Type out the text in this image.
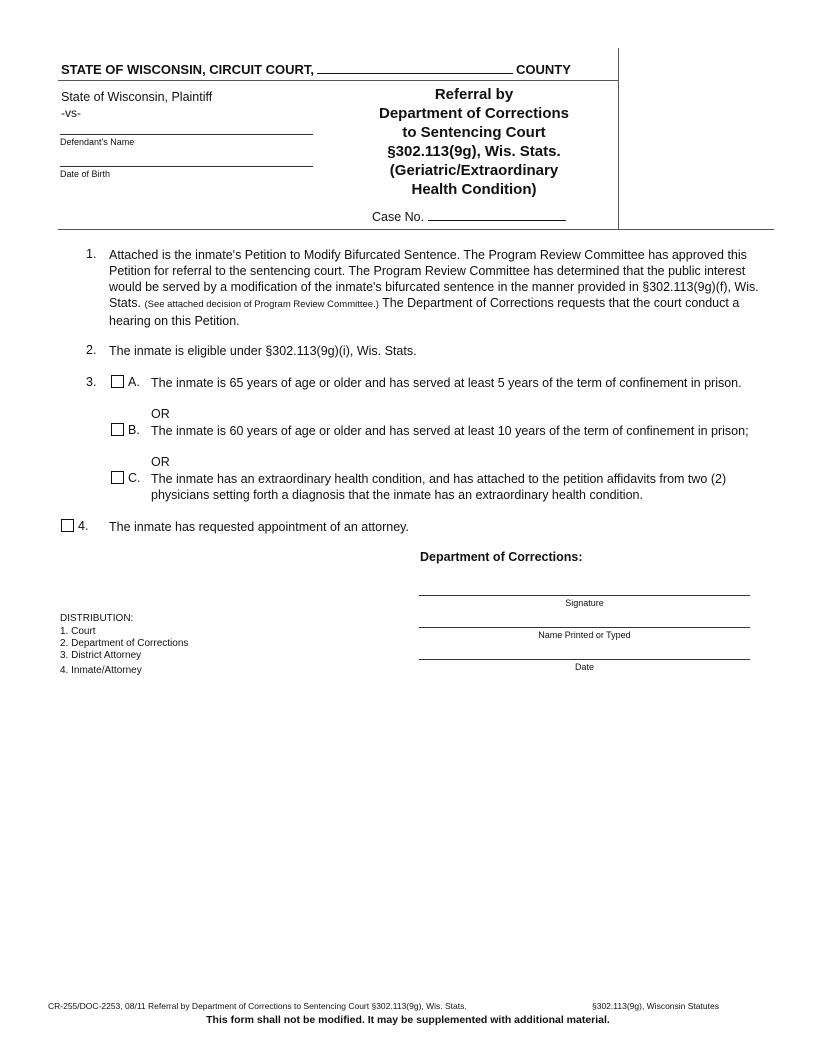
STATE OF WISCONSIN, CIRCUIT COURT,	COUNTY
State of Wisconsin, Plaintiff
-vs-
Defendant's Name
Date of Birth
Referral by
Department of Corrections
to Sentencing Court
§302.113(9g), Wis. Stats.
(Geriatric/Extraordinary
Health Condition)
Case No.
1. Attached is the inmate's Petition to Modify Bifurcated Sentence. The Program Review Committee has approved this Petition for referral to the sentencing court. The Program Review Committee has determined that the public interest would be served by a modification of the inmate's bifurcated sentence in the manner provided in §302.113(9g)(f), Wis. Stats. (See attached decision of Program Review Committee.) The Department of Corrections requests that the court conduct a hearing on this Petition.
2. The inmate is eligible under §302.113(9g)(i), Wis. Stats.
3.	A. The inmate is 65 years of age or older and has served at least 5 years of the term of confinement in prison.
OR
B. The inmate is 60 years of age or older and has served at least 10 years of the term of confinement in prison;
OR
C. The inmate has an extraordinary health condition, and has attached to the petition affidavits from two (2) physicians setting forth a diagnosis that the inmate has an extraordinary health condition.
4. The inmate has requested appointment of an attorney.
Department of Corrections:
Signature
Name Printed or Typed
Date
DISTRIBUTION:
1. Court
2. Department of Corrections
3. District Attorney
4. Inmate/Attorney
CR-255/DOC-2253, 08/11 Referral by Department of Corrections to Sentencing Court §302.113(9g), Wis. Stats.	§302.113(9g), Wisconsin Statutes
This form shall not be modified. It may be supplemented with additional material.
